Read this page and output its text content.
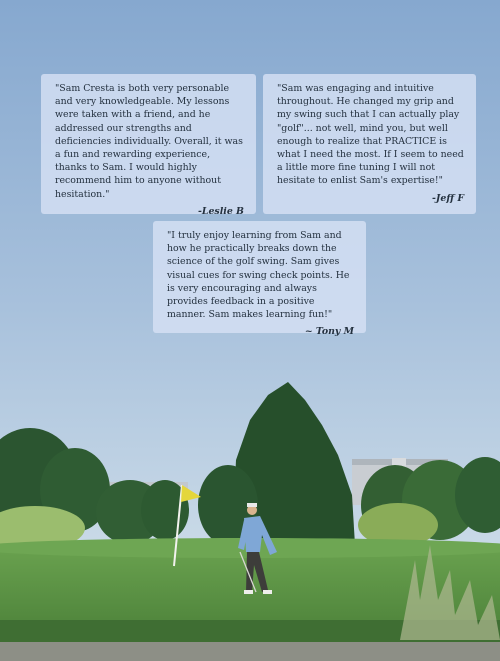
"Sam Cresta is both very personable and very knowledgeable. My lessons were taken with a friend, and he addressed our strengths and deficiencies individually. Overall, it was a fun and rewarding experience, thanks to Sam. I would highly recommend him to anyone without hesitation."

-Leslie B

"Sam was engaging and intuitive throughout. He changed my grip and my swing such that I can actually play "golf"... not well, mind you, but well enough to realize that PRACTICE is what I need the most. If I seem to need a little more fine tuning I will not hesitate to enlist Sam's expertise!"

-Jeff F

"I truly enjoy learning from Sam and how he practically breaks down the science of the golf swing. Sam gives visual cues for swing check points. He is very encouraging and always provides feedback in a positive manner. Sam makes learning fun!"

~ Tony M
